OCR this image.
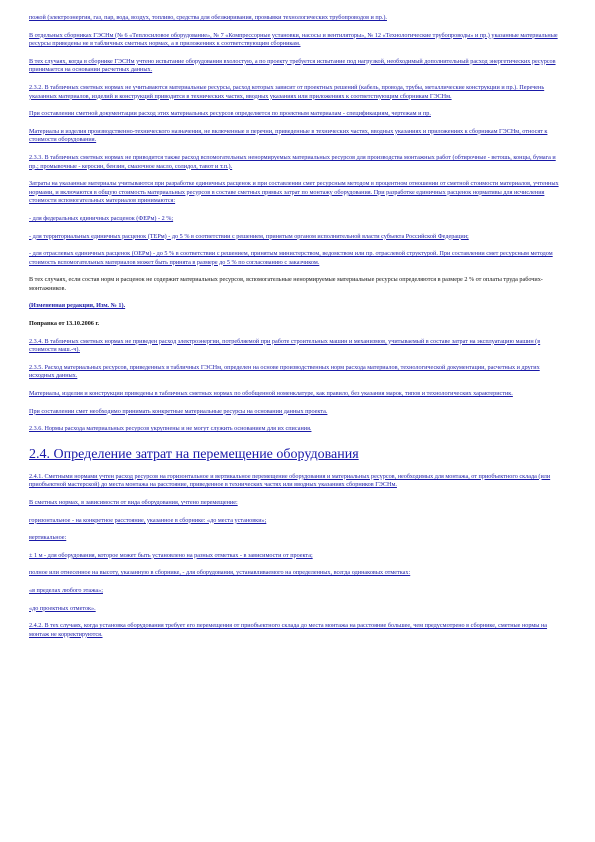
пожой (электроэнергия, газ, пар, вода, воздух, топливо, средства для обезжиривания, промывки технологических трубопроводов и пр.).

В отдельных сборниках ГЭСНм (№ 6 «Теплосиловое оборудование», № 7 «Компрессорные установки, насосы и вентиляторы», № 12 «Технологические трубопроводы» и пр.) указанные материальные ресурсы приведены не в табличных сметных нормах, а в приложениях к соответствующим сборникам.

В тех случаях, когда в сборнике ГЭСНм учтено испытание оборудования вхолостую, а по проекту требуется испытание под нагрузкой, необходимый дополнительный расход энергетических ресурсов принимается на основании расчетных данных.

2.3.2. В табличных сметных нормах не учитываются материальные ресурсы, расход которых зависит от проектных решений (кабель, провода, трубы, металлические конструкции и пр.). Перечень указанных материалов, изделий и конструкций приводится в технических частях, вводных указаниях или приложениях к соответствующим сборникам ГЭСНм.

При составлении сметной документации расход этих материальных ресурсов определяется по проектным материалам - спецификациям, чертежам и пр.

Материалы и изделия производственно-технического назначения, не включенные в перечни, приведенные в технических частях, вводных указаниях и приложениях к сборникам ГЭСНм, относят к стоимости оборудования.

2.3.3. В табличных сметных нормах не приводится также расход вспомогательных ненормируемых материальных ресурсов для производства монтажных работ (обтирочные - ветошь, концы, бумага и пр.; промывочные - керосин, бензин, смазочное масло, солидол, тавот и т.п.).

Затраты на указанные материалы учитываются при разработке единичных расценок и при составлении смет ресурсным методом в процентном отношении от сметной стоимости материалов, учтенных нормами, и включаются в общую стоимость материальных ресурсов в составе сметных прямых затрат по монтажу оборудования. При разработке единичных расценок нормативы для исчисления стоимости вспомогательных материалов принимаются:

- для федеральных единичных расценок (ФЕРм) - 2 %;

- для территориальных единичных расценок (ТЕРм) - до 5 % в соответствии с решением, принятым органом исполнительной власти субъекта Российской Федерации;

- для отраслевых единичных расценок (ОЕРм) - до 5 % в соответствии с решением, принятым министерством, ведомством или пр. отраслевой структурой. При составлении смет ресурсным методом стоимость вспомогательных материалов может быть принята в размере до 5 % по согласованию с заказчиком.

В тех случаях, если состав норм и расценок не содержит материальных ресурсов, вспомогательные ненормируемые материальные ресурсы определяются в размере 2 % от оплаты труда рабочих-монтажников.

(Измененная редакция, Изм. № 1).

Поправка от 13.10.2006 г.

2.3.4. В табличных сметных нормах не приведен расход электроэнергии, потребляемой при работе строительных машин и механизмов, учитываемый в составе затрат на эксплуатацию машин (в стоимости маш.-ч).

2.3.5. Расход материальных ресурсов, приведенных в табличных ГЭСНм, определен на основе производственных норм расхода материалов, технологической документации, расчетных и других исходных данных.

Материалы, изделия и конструкции приведены в табличных сметных нормах по обобщенной номенклатуре, как правило, без указания марок, типов и технологических характеристик.

При составлении смет необходимо принимать конкретные материальные ресурсы на основании данных проекта.

2.3.6. Нормы расхода материальных ресурсов укрупнены и не могут служить основанием для их списания.

2.4. Определение затрат на перемещение оборудования

2.4.1. Сметными нормами учтен расход ресурсов на горизонтальное и вертикальное перемещение оборудования и материальных ресурсов, необходимых для монтажа, от приобъектного склада (или приобъектной мастерской) до места монтажа на расстояние, приведенное в технических частях или вводных указаниях сборников ГЭСНм.

В сметных нормах, в зависимости от вида оборудования, учтено перемещение:

горизонтальное - на конкретное расстояние, указанное в сборнике: «до места установки»;

вертикальное:

± 1 м - для оборудования, которое может быть установлено на разных отметках - в зависимости от проекта;

полное или отнесенное на высоту, указанную в сборнике, - для оборудования, устанавливаемого на определенных, всегда одинаковых отметках:

«в пределах любого этажа»;

«до проектных отметок».

2.4.2. В тех случаях, когда установка оборудования требует его перемещения от приобъектного склада до места монтажа на расстояние большее, чем предусмотрено в сборнике, сметные нормы на монтаж не корректируются.
